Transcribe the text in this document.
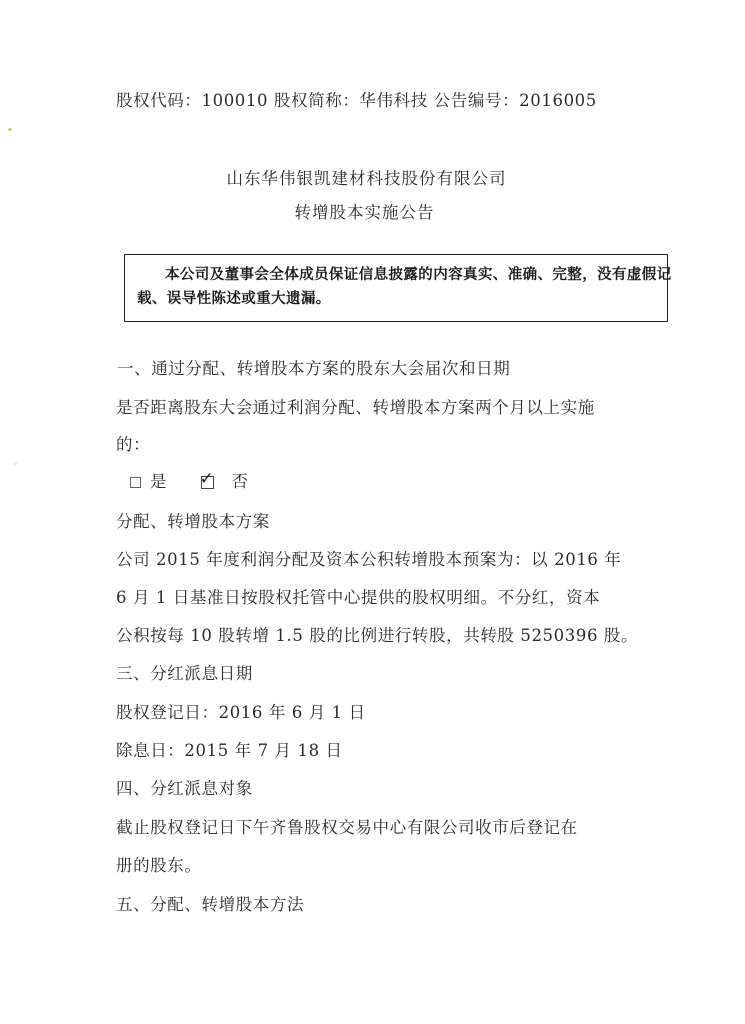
股权代码：100010 股权简称：华伟科技 公告编号：2016005
山东华伟银凯建材科技股份有限公司
转增股本实施公告
本公司及董事会全体成员保证信息披露的内容真实、准确、完整，没有虚假记
载、误导性陈述或重大遗漏。
一、通过分配、转增股本方案的股东大会届次和日期
是否距离股东大会通过利润分配、转增股本方案两个月以上实施
的：
是 ✓ 否
分配、转增股本方案
公司 2015 年度利润分配及资本公积转增股本预案为：以 2016 年
6 月 1 日基准日按股权托管中心提供的股权明细。不分红，资本
公积按每 10 股转增 1.5 股的比例进行转股，共转股 5250396 股。
三、分红派息日期
股权登记日：2016 年 6 月 1 日
除息日：2015 年 7 月 18 日
四、分红派息对象
截止股权登记日下午齐鲁股权交易中心有限公司收市后登记在
册的股东。
五、分配、转增股本方法
